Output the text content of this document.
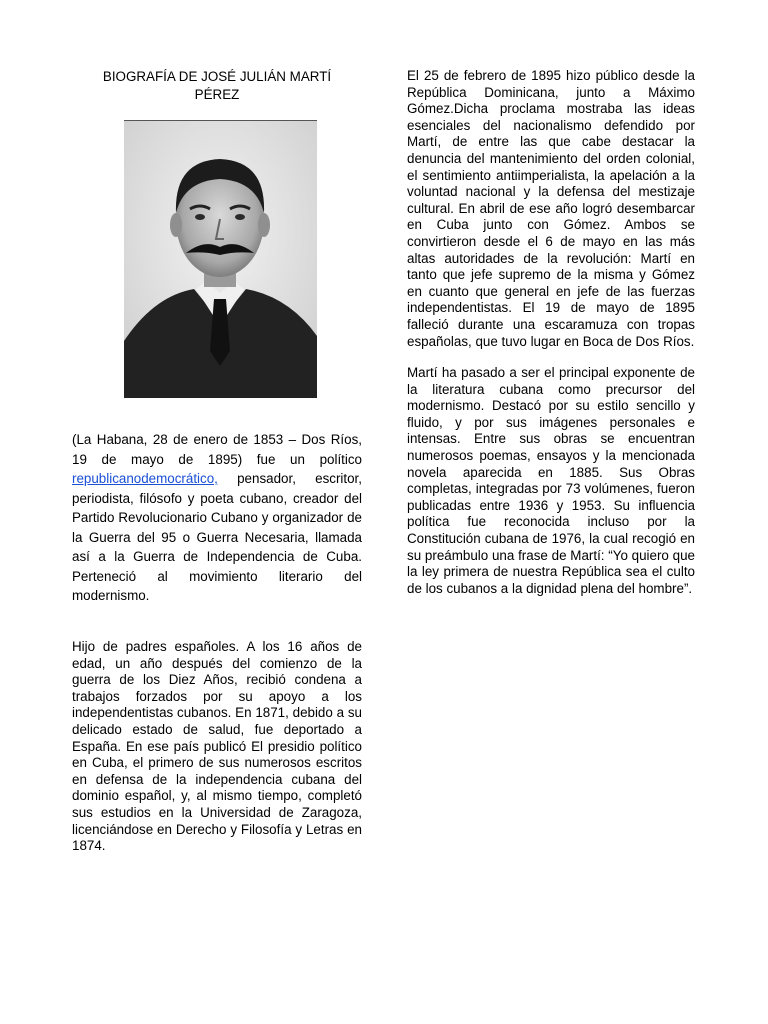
BIOGRAFÍA DE JOSÉ JULIÁN MARTÍ
PÉREZ

(La Habana, 28 de enero de 1853 – Dos Ríos, 19 de mayo de 1895) fue un político republicanodemocrático, pensador, escritor, periodista, filósofo y poeta cubano, creador del Partido Revolucionario Cubano y organizador de la Guerra del 95 o Guerra Necesaria, llamada así a la Guerra de Independencia de Cuba. Perteneció al movimiento literario del modernismo.

Hijo de padres españoles. A los 16 años de edad, un año después del comienzo de la guerra de los Diez Años, recibió condena a trabajos forzados por su apoyo a los independentistas cubanos. En 1871, debido a su delicado estado de salud, fue deportado a España. En ese país publicó El presidio político en Cuba, el primero de sus numerosos escritos en defensa de la independencia cubana del dominio español, y, al mismo tiempo, completó sus estudios en la Universidad de Zaragoza, licenciándose en Derecho y Filosofía y Letras en 1874.

El 25 de febrero de 1895 hizo público desde la República Dominicana, junto a Máximo Gómez.Dicha proclama mostraba las ideas esenciales del nacionalismo defendido por Martí, de entre las que cabe destacar la denuncia del mantenimiento del orden colonial, el sentimiento antiimperialista, la apelación a la voluntad nacional y la defensa del mestizaje cultural. En abril de ese año logró desembarcar en Cuba junto con Gómez. Ambos se convirtieron desde el 6 de mayo en las más altas autoridades de la revolución: Martí en tanto que jefe supremo de la misma y Gómez en cuanto que general en jefe de las fuerzas independentistas. El 19 de mayo de 1895 falleció durante una escaramuza con tropas españolas, que tuvo lugar en Boca de Dos Ríos.

Martí ha pasado a ser el principal exponente de la literatura cubana como precursor del modernismo. Destacó por su estilo sencillo y fluido, y por sus imágenes personales e intensas. Entre sus obras se encuentran numerosos poemas, ensayos y la mencionada novela aparecida en 1885. Sus Obras completas, integradas por 73 volúmenes, fueron publicadas entre 1936 y 1953. Su influencia política fue reconocida incluso por la Constitución cubana de 1976, la cual recogió en su preámbulo una frase de Martí: “Yo quiero que la ley primera de nuestra República sea el culto de los cubanos a la dignidad plena del hombre”.
